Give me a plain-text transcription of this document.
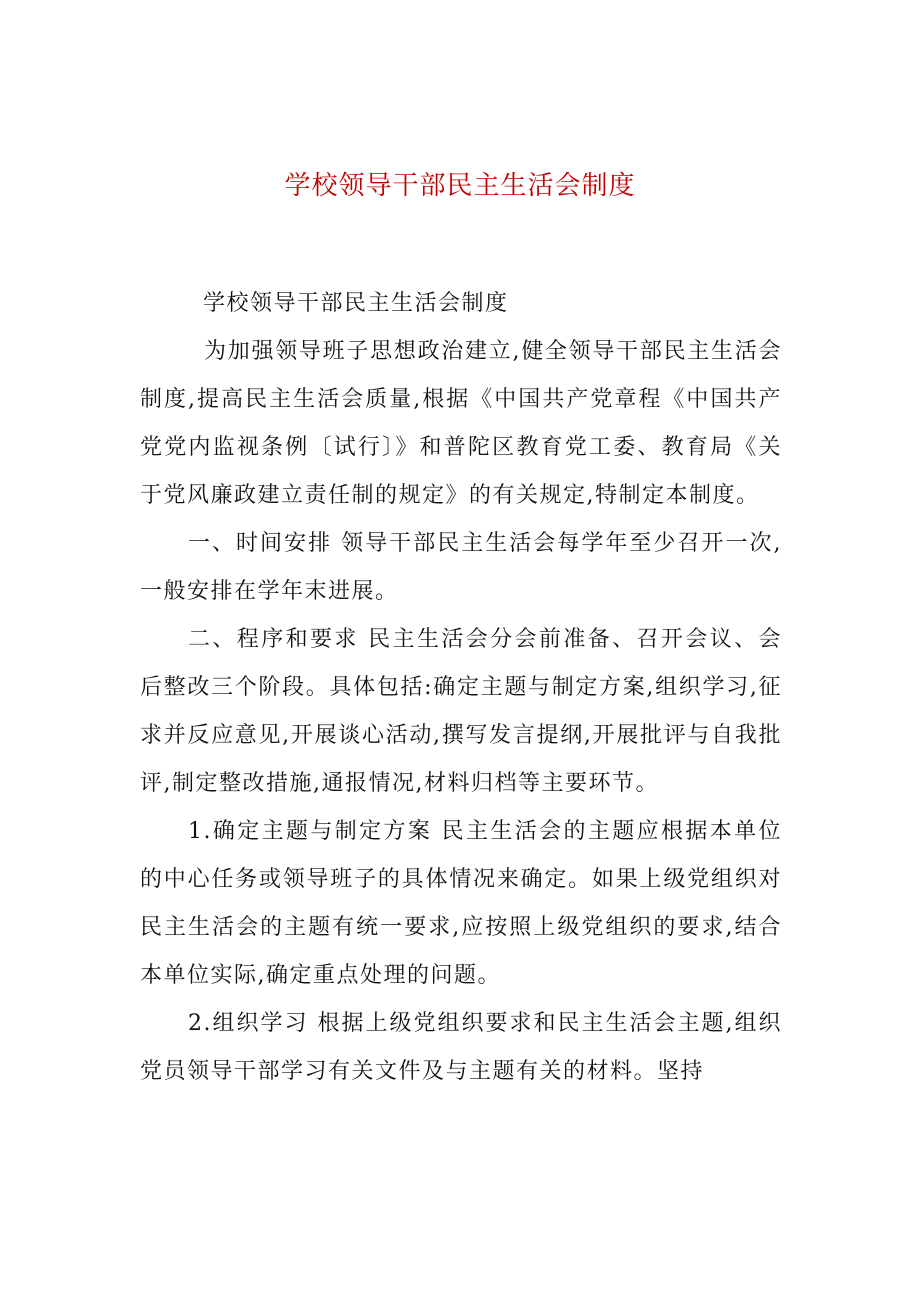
学校领导干部民主生活会制度

学校领导干部民主生活会制度

为加强领导班子思想政治建立,健全领导干部民主生活会制度,提高民主生活会质量,根据《中国共产党章程《中国共产党党内监视条例〔试行〕》和普陀区教育党工委、教育局《关于党风廉政建立责任制的规定》的有关规定,特制定本制度。

一、时间安排 领导干部民主生活会每学年至少召开一次,一般安排在学年末进展。

二、程序和要求 民主生活会分会前准备、召开会议、会后整改三个阶段。具体包括:确定主题与制定方案,组织学习,征求并反应意见,开展谈心活动,撰写发言提纲,开展批评与自我批评,制定整改措施,通报情况,材料归档等主要环节。

1.确定主题与制定方案 民主生活会的主题应根据本单位的中心任务或领导班子的具体情况来确定。如果上级党组织对民主生活会的主题有统一要求,应按照上级党组织的要求,结合本单位实际,确定重点处理的问题。

2.组织学习 根据上级党组织要求和民主生活会主题,组织党员领导干部学习有关文件及与主题有关的材料。坚持
